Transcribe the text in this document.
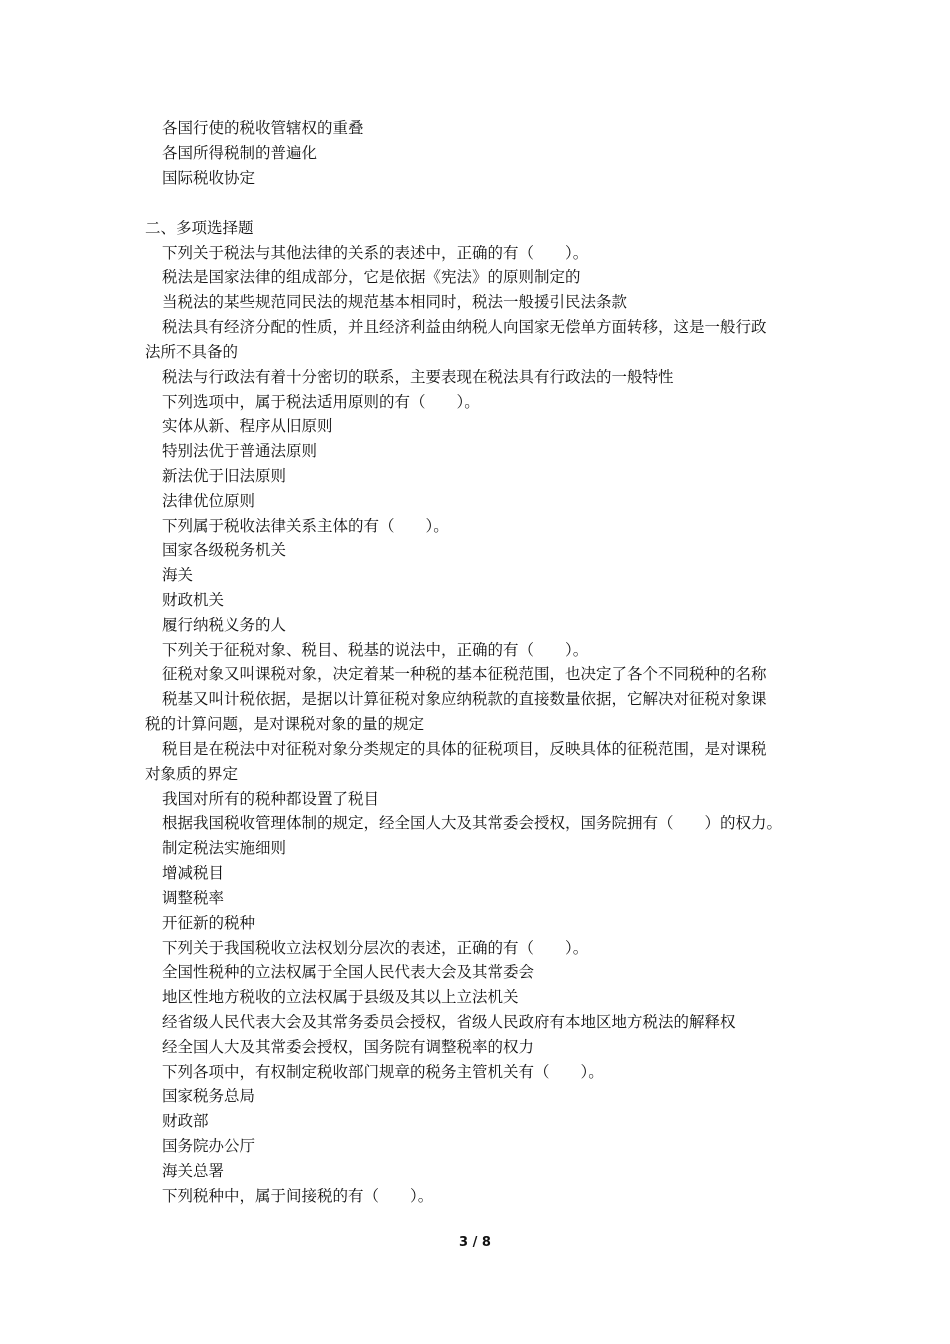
各国行使的税收管辖权的重叠
各国所得税制的普遍化
国际税收协定
二、多项选择题
下列关于税法与其他法律的关系的表述中，正确的有（　　）。
税法是国家法律的组成部分，它是依据《宪法》的原则制定的
当税法的某些规范同民法的规范基本相同时，税法一般援引民法条款
税法具有经济分配的性质，并且经济利益由纳税人向国家无偿单方面转移，这是一般行政
法所不具备的
税法与行政法有着十分密切的联系，主要表现在税法具有行政法的一般特性
下列选项中，属于税法适用原则的有（　　）。
实体从新、程序从旧原则
特别法优于普通法原则
新法优于旧法原则
法律优位原则
下列属于税收法律关系主体的有（　　）。
国家各级税务机关
海关
财政机关
履行纳税义务的人
下列关于征税对象、税目、税基的说法中，正确的有（　　）。
征税对象又叫课税对象，决定着某一种税的基本征税范围，也决定了各个不同税种的名称
税基又叫计税依据，是据以计算征税对象应纳税款的直接数量依据，它解决对征税对象课
税的计算问题，是对课税对象的量的规定
税目是在税法中对征税对象分类规定的具体的征税项目，反映具体的征税范围，是对课税
对象质的界定
我国对所有的税种都设置了税目
根据我国税收管理体制的规定，经全国人大及其常委会授权，国务院拥有（　　）的权力。
制定税法实施细则
增减税目
调整税率
开征新的税种
下列关于我国税收立法权划分层次的表述，正确的有（　　）。
全国性税种的立法权属于全国人民代表大会及其常委会
地区性地方税收的立法权属于县级及其以上立法机关
经省级人民代表大会及其常务委员会授权，省级人民政府有本地区地方税法的解释权
经全国人大及其常委会授权，国务院有调整税率的权力
下列各项中，有权制定税收部门规章的税务主管机关有（　　）。
国家税务总局
财政部
国务院办公厅
海关总署
下列税种中，属于间接税的有（　　）。
3 / 8
